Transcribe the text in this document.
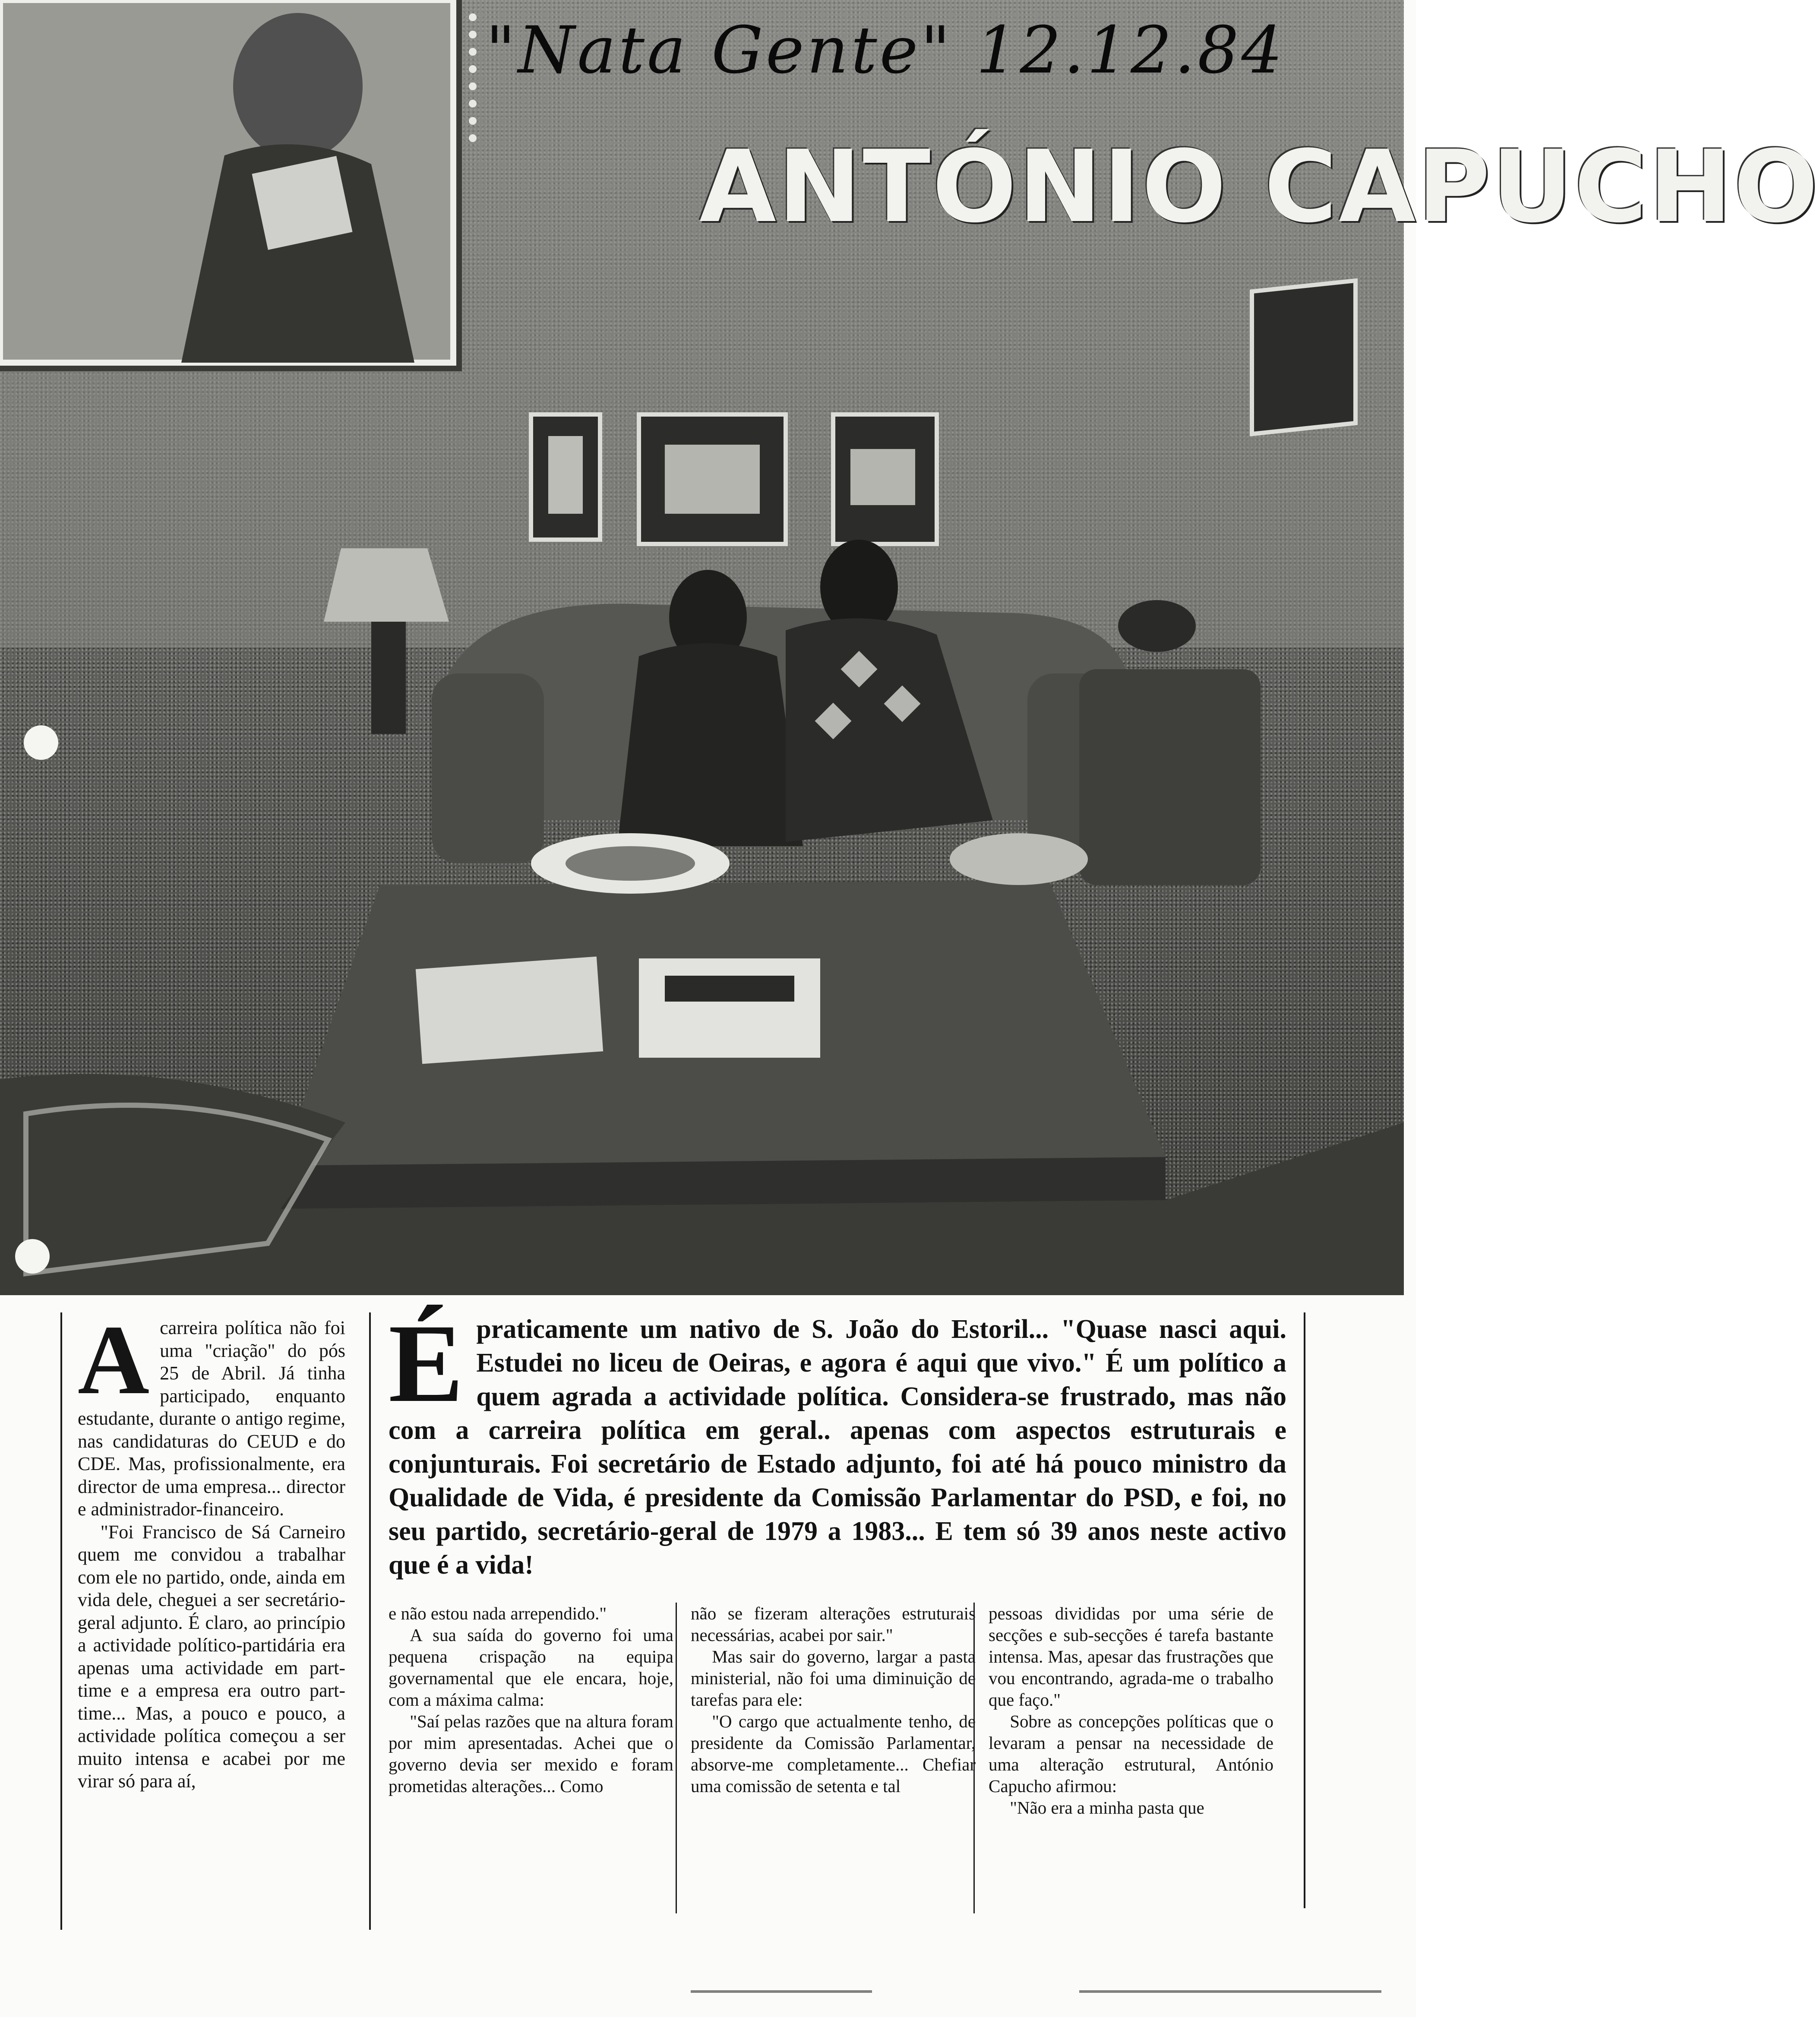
"Nata Gente" 12.12.84
ANTÓNIO CAPUCHO
A carreira política não foi uma "criação" do pós 25 de Abril. Já tinha participado, enquanto estudante, durante o antigo regime, nas candidaturas do CEUD e do CDE. Mas, profissionalmente, era director de uma empresa... director e administrador-financeiro.

"Foi Francisco de Sá Carneiro quem me convidou a trabalhar com ele no partido, onde, ainda em vida dele, cheguei a ser secretário-geral adjunto. É claro, ao princípio a actividade político-partidária era apenas uma actividade em part-time e a empresa era outro part-time... Mas, a pouco e pouco, a actividade política começou a ser muito intensa e acabei por me virar só para aí,

É praticamente um nativo de S. João do Estoril... "Quase nasci aqui. Estudei no liceu de Oeiras, e agora é aqui que vivo." É um político a quem agrada a actividade política. Considera-se frustrado, mas não com a carreira política em geral.. apenas com aspectos estruturais e conjunturais. Foi secretário de Estado adjunto, foi até há pouco ministro da Qualidade de Vida, é presidente da Comissão Parlamentar do PSD, e foi, no seu partido, secretário-geral de 1979 a 1983... E tem só 39 anos neste activo que é a vida!

e não estou nada arrependido."

A sua saída do governo foi uma pequena crispação na equipa governamental que ele encara, hoje, com a máxima calma:

"Saí pelas razões que na altura foram por mim apresentadas. Achei que o governo devia ser mexido e foram prometidas alterações... Como

não se fizeram alterações estruturais necessárias, acabei por sair."

Mas sair do governo, largar a pasta ministerial, não foi uma diminuição de tarefas para ele:

"O cargo que actualmente tenho, de presidente da Comissão Parlamentar, absorve-me completamente... Chefiar uma comissão de setenta e tal

pessoas divididas por uma série de secções e sub-secções é tarefa bastante intensa. Mas, apesar das frustrações que vou encontrando, agrada-me o trabalho que faço."

Sobre as concepções políticas que o levaram a pensar na necessidade de uma alteração estrutural, António Capucho afirmou:

"Não era a minha pasta que
